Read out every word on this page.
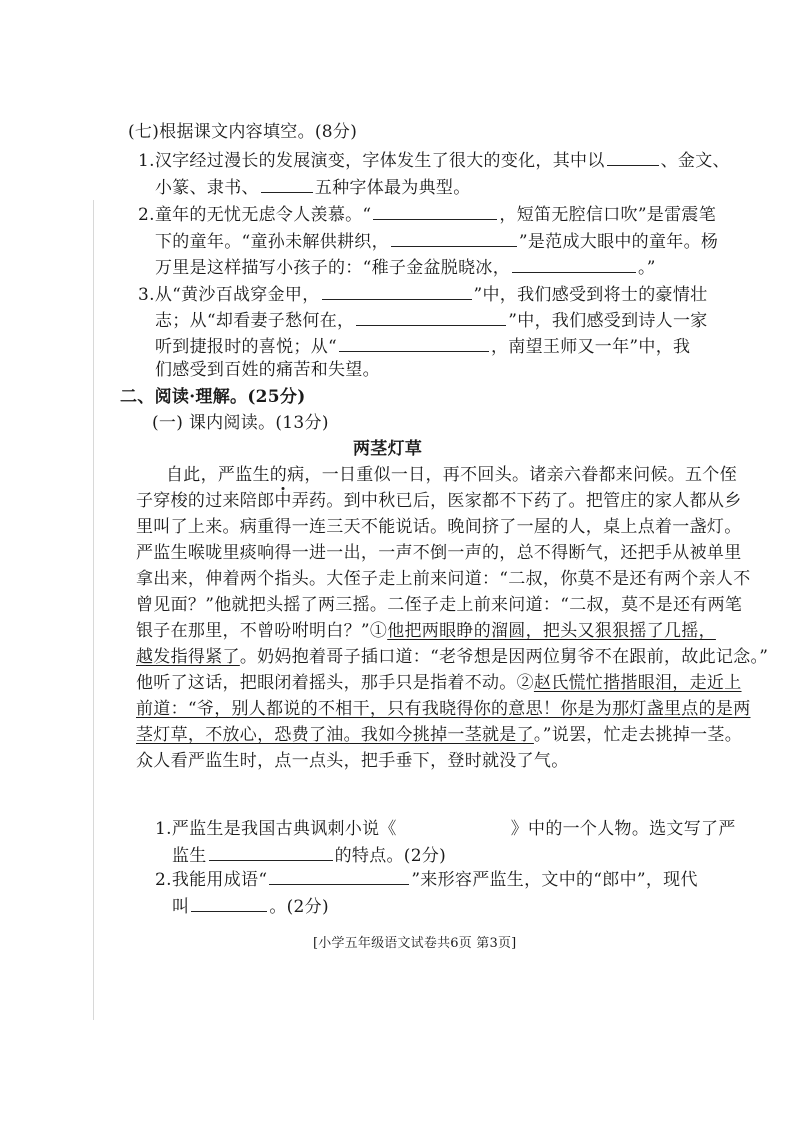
(七)根据课文内容填空。(8分)
1.汉字经过漫长的发展演变，字体发生了很大的变化，其中以	、金文、
小篆、隶书、	五种字体最为典型。
2.童年的无忧无虑令人羡慕。“	，短笛无腔信口吹”是雷震笔
下的童年。“童孙未解供耕织，	”是范成大眼中的童年。杨
万里是这样描写小孩子的：“稚子金盆脱晓冰，	。”
3.从“黄沙百战穿金甲，	”中，我们感受到将士的豪情壮
志；从“却看妻子愁何在，	”中，我们感受到诗人一家
听到捷报时的喜悦；从“	，南望王师又一年”中，我
们感受到百姓的痛苦和失望。
二、阅读·理解。(25分)
(一) 课内阅读。(13分)
两茎灯草
自此，严监生的病，一日重似一日，再不回头。诸亲六眷都来问候。五个侄
子穿梭的过来陪郎中弄药。到中秋已后，医家都不下药了。把管庄的家人都从乡
里叫了上来。病重得一连三天不能说话。晚间挤了一屋的人，桌上点着一盏灯。
严监生喉咙里痰响得一进一出，一声不倒一声的，总不得断气，还把手从被单里
拿出来，伸着两个指头。大侄子走上前来问道：“二叔，你莫不是还有两个亲人不
曾见面？”他就把头摇了两三摇。二侄子走上前来问道：“二叔，莫不是还有两笔
银子在那里，不曾吩咐明白？”①他把两眼睁的溜圆，把头又狠狠摇了几摇，
越发指得紧了。奶妈抱着哥子插口道：“老爷想是因两位舅爷不在跟前，故此记念。”
他听了这话，把眼闭着摇头，那手只是指着不动。②赵氏慌忙揩揩眼泪，走近上
前道：“爷，别人都说的不相干，只有我晓得你的意思！你是为那灯盏里点的是两
茎灯草，不放心，恐费了油。我如今挑掉一茎就是了。”说罢，忙走去挑掉一茎。
众人看严监生时，点一点头，把手垂下，登时就没了气。
1.严监生是我国古典讽刺小说《	》中的一个人物。选文写了严
监生	的特点。(2分)
2.我能用成语“	”来形容严监生，文中的“郎中”，现代
叫	。(2分)
[小学五年级语文试卷共6页 第3页]
